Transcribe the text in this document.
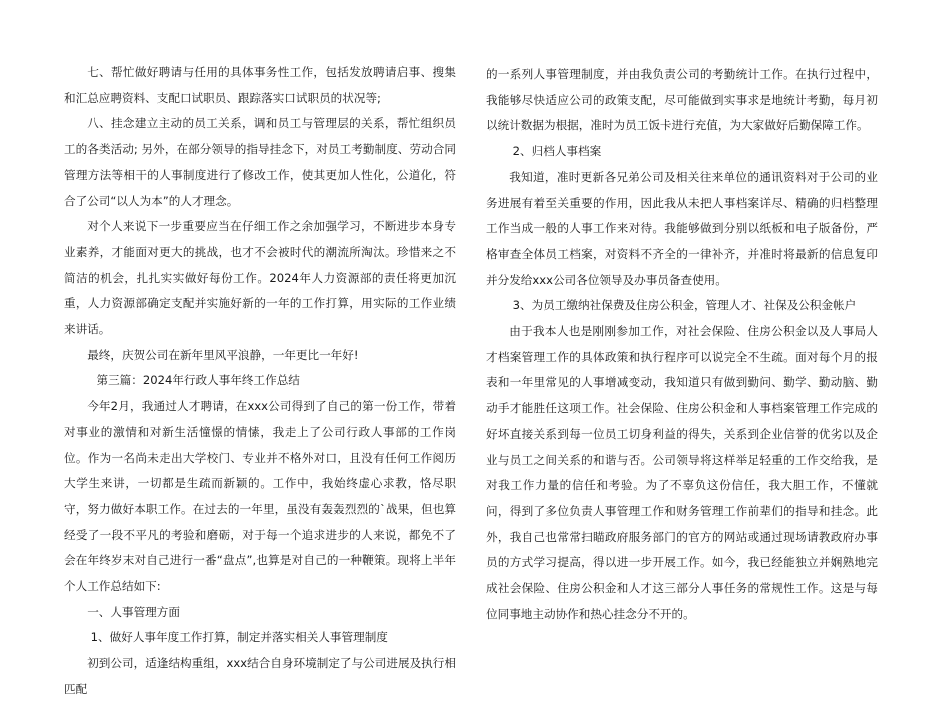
七、帮忙做好聘请与任用的具体事务性工作，包括发放聘请启事、搜集和汇总应聘资料、支配口试职员、跟踪落实口试职员的状况等;

八、挂念建立主动的员工关系，调和员工与管理层的关系，帮忙组织员工的各类活动; 另外，在部分领导的指导挂念下，对员工考勤制度、劳动合同管理方法等相干的人事制度进行了修改工作，使其更加人性化，公道化，符合了公司“以人为本”的人才理念。

对个人来说下一步重要应当在仔细工作之余加强学习，不断进步本身专业素养，才能面对更大的挑战，也才不会被时代的潮流所淘汰。珍惜来之不简洁的机会，扎扎实实做好每份工作。2024年人力资源部的责任将更加沉重，人力资源部确定支配并实施好新的一年的工作打算，用实际的工作业绩来讲话。

最终，庆贺公司在新年里风平浪静，一年更比一年好!

第三篇：2024年行政人事年终工作总结

今年2月，我通过人才聘请，在xxx公司得到了自己的第一份工作，带着对事业的激情和对新生活憧憬的情愫，我走上了公司行政人事部的工作岗位。作为一名尚未走出大学校门、专业并不格外对口，且没有任何工作阅历大学生来讲，一切都是生疏而新颖的。工作中，我始终虚心求教，恪尽职守，努力做好本职工作。在过去的一年里，虽没有轰轰烈烈的`战果，但也算经受了一段不平凡的考验和磨砺，对于每一个追求进步的人来说，都免不了会在年终岁末对自己进行一番“盘点”,也算是对自己的一种鞭策。现将上半年个人工作总结如下:

一、人事管理方面

1、做好人事年度工作打算，制定并落实相关人事管理制度

初到公司，适逢结构重组，xxx结合自身环境制定了与公司进展及执行相匹配

的一系列人事管理制度，并由我负责公司的考勤统计工作。在执行过程中，我能够尽快适应公司的政策支配，尽可能做到实事求是地统计考勤，每月初以统计数据为根据，准时为员工饭卡进行充值，为大家做好后勤保障工作。

2、归档人事档案

我知道，准时更新各兄弟公司及相关往来单位的通讯资料对于公司的业务进展有着至关重要的作用，因此我从未把人事档案详尽、精确的归档整理工作当成一般的人事工作来对待。我能够做到分别以纸板和电子版备份，严格审查全体员工档案，对资料不齐全的一律补齐，并准时将最新的信息复印并分发给xxx公司各位领导及办事员备查使用。

3、为员工缴纳社保费及住房公积金，管理人才、社保及公积金帐户

由于我本人也是刚刚参加工作，对社会保险、住房公积金以及人事局人才档案管理工作的具体政策和执行程序可以说完全不生疏。面对每个月的报表和一年里常见的人事增减变动，我知道只有做到勤问、勤学、勤动脑、勤动手才能胜任这项工作。社会保险、住房公积金和人事档案管理工作完成的好坏直接关系到每一位员工切身利益的得失，关系到企业信誉的优劣以及企业与员工之间关系的和谐与否。公司领导将这样举足轻重的工作交给我，是对我工作力量的信任和考验。为了不辜负这份信任，我大胆工作，不懂就问，得到了多位负责人事管理工作和财务管理工作前辈们的指导和挂念。此外，我自己也常常扫瞄政府服务部门的官方的网站或通过现场请教政府办事员的方式学习提高，得以进一步开展工作。如今，我已经能独立并娴熟地完成社会保险、住房公积金和人才这三部分人事任务的常规性工作。这是与每位同事地主动协作和热心挂念分不开的。
